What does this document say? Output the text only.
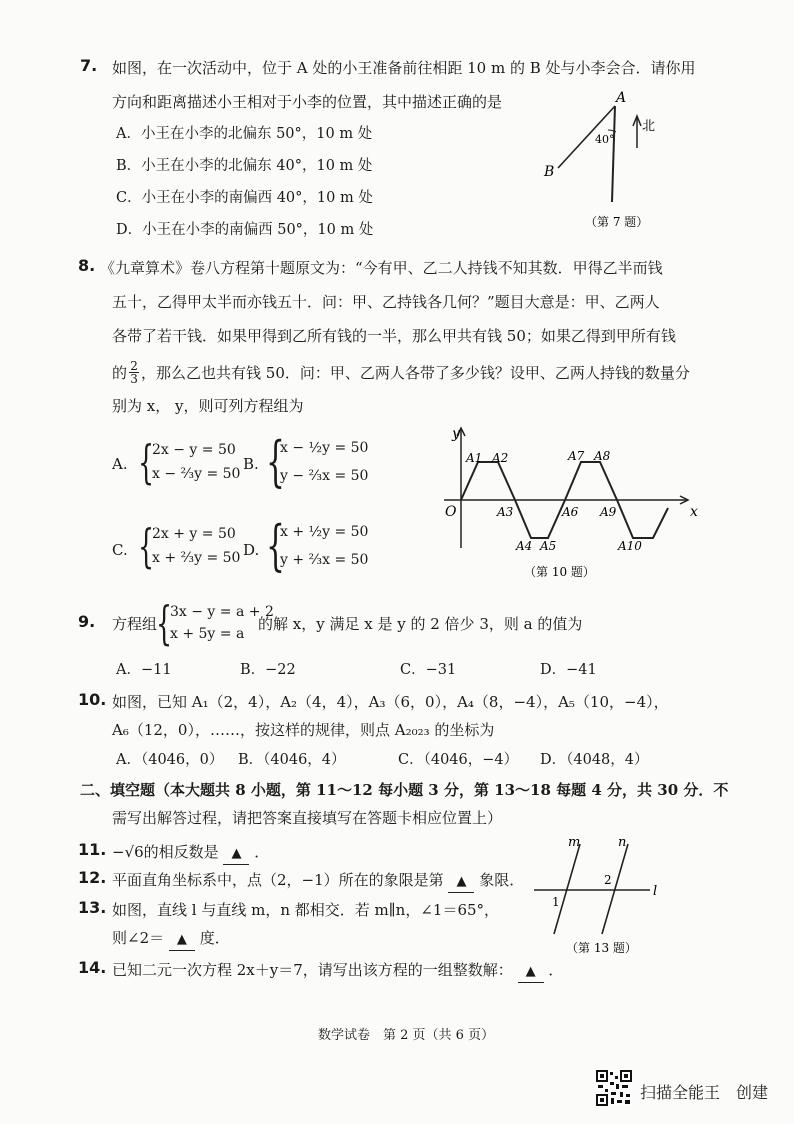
7. 如图，在一次活动中，位于 A 处的小王准备前往相距 10 m 的 B 处与小李会合．请你用
方向和距离描述小王相对于小李的位置，其中描述正确的是
A．小王在小李的北偏东 50°，10 m 处
B．小王在小李的北偏东 40°，10 m 处
C．小王在小李的南偏西 40°，10 m 处
D．小王在小李的南偏西 50°，10 m 处
A
B
40°
北
（第 7 题）
8. 《九章算术》卷八方程第十题原文为：“今有甲、乙二人持钱不知其数．甲得乙半而钱
五十，乙得甲太半而亦钱五十．问：甲、乙持钱各几何？”题目大意是：甲、乙两人
各带了若干钱．如果甲得到乙所有钱的一半，那么甲共有钱 50；如果乙得到甲所有钱
的 2
3 ，那么乙也共有钱 50．问：甲、乙两人各带了多少钱？设甲、乙两人持钱的数量分
别为 x， y，则可列方程组为
A. {
2x − y = 50
x − ⅔y = 50
B. {
x − ½y = 50
y − ⅔x = 50
C. {
2x + y = 50
x + ⅔y = 50 D. {
x + ½y = 50
y + ⅔x = 50
y
x
O
A1 A2
A3
A4 A5
A6
A7 A8
A9
A10
（第 10 题）
9. 方程组
{
3x − y = a + 2
x + 5y = a
的解 x，y 满足 x 是 y 的 2 倍少 3，则 a 的值为
A．−11	B．−22	C．−31	D．−41
10. 如图，已知 A₁（2，4），A₂（4，4），A₃（6，0），A₄（8，−4），A₅（10，−4），
A₆（12，0），……，按这样的规律，则点 A₂₀₂₃ 的坐标为
A．（4046，0） B．（4046，4）	C．（4046，−4） D．（4048，4）
二、填空题（本大题共 8 小题，第 11～12 每小题 3 分，第 13～18 每题 4 分，共 30 分．不
需写出解答过程，请把答案直接填写在答题卡相应位置上）
11. −√6的相反数是 ▲ ．
12. 平面直角坐标系中，点（2，−1）所在的象限是第 ▲ 象限．
13. 如图，直线 l 与直线 m，n 都相交．若 m∥n，∠1＝65°，
则∠2＝ ▲ 度．
m	n
l
1
2
（第 13 题）
14. 已知二元一次方程 2x＋y＝7，请写出该方程的一组整数解： ▲ ．
数学试卷　第 2 页（共 6 页）
扫描全能王　创建
